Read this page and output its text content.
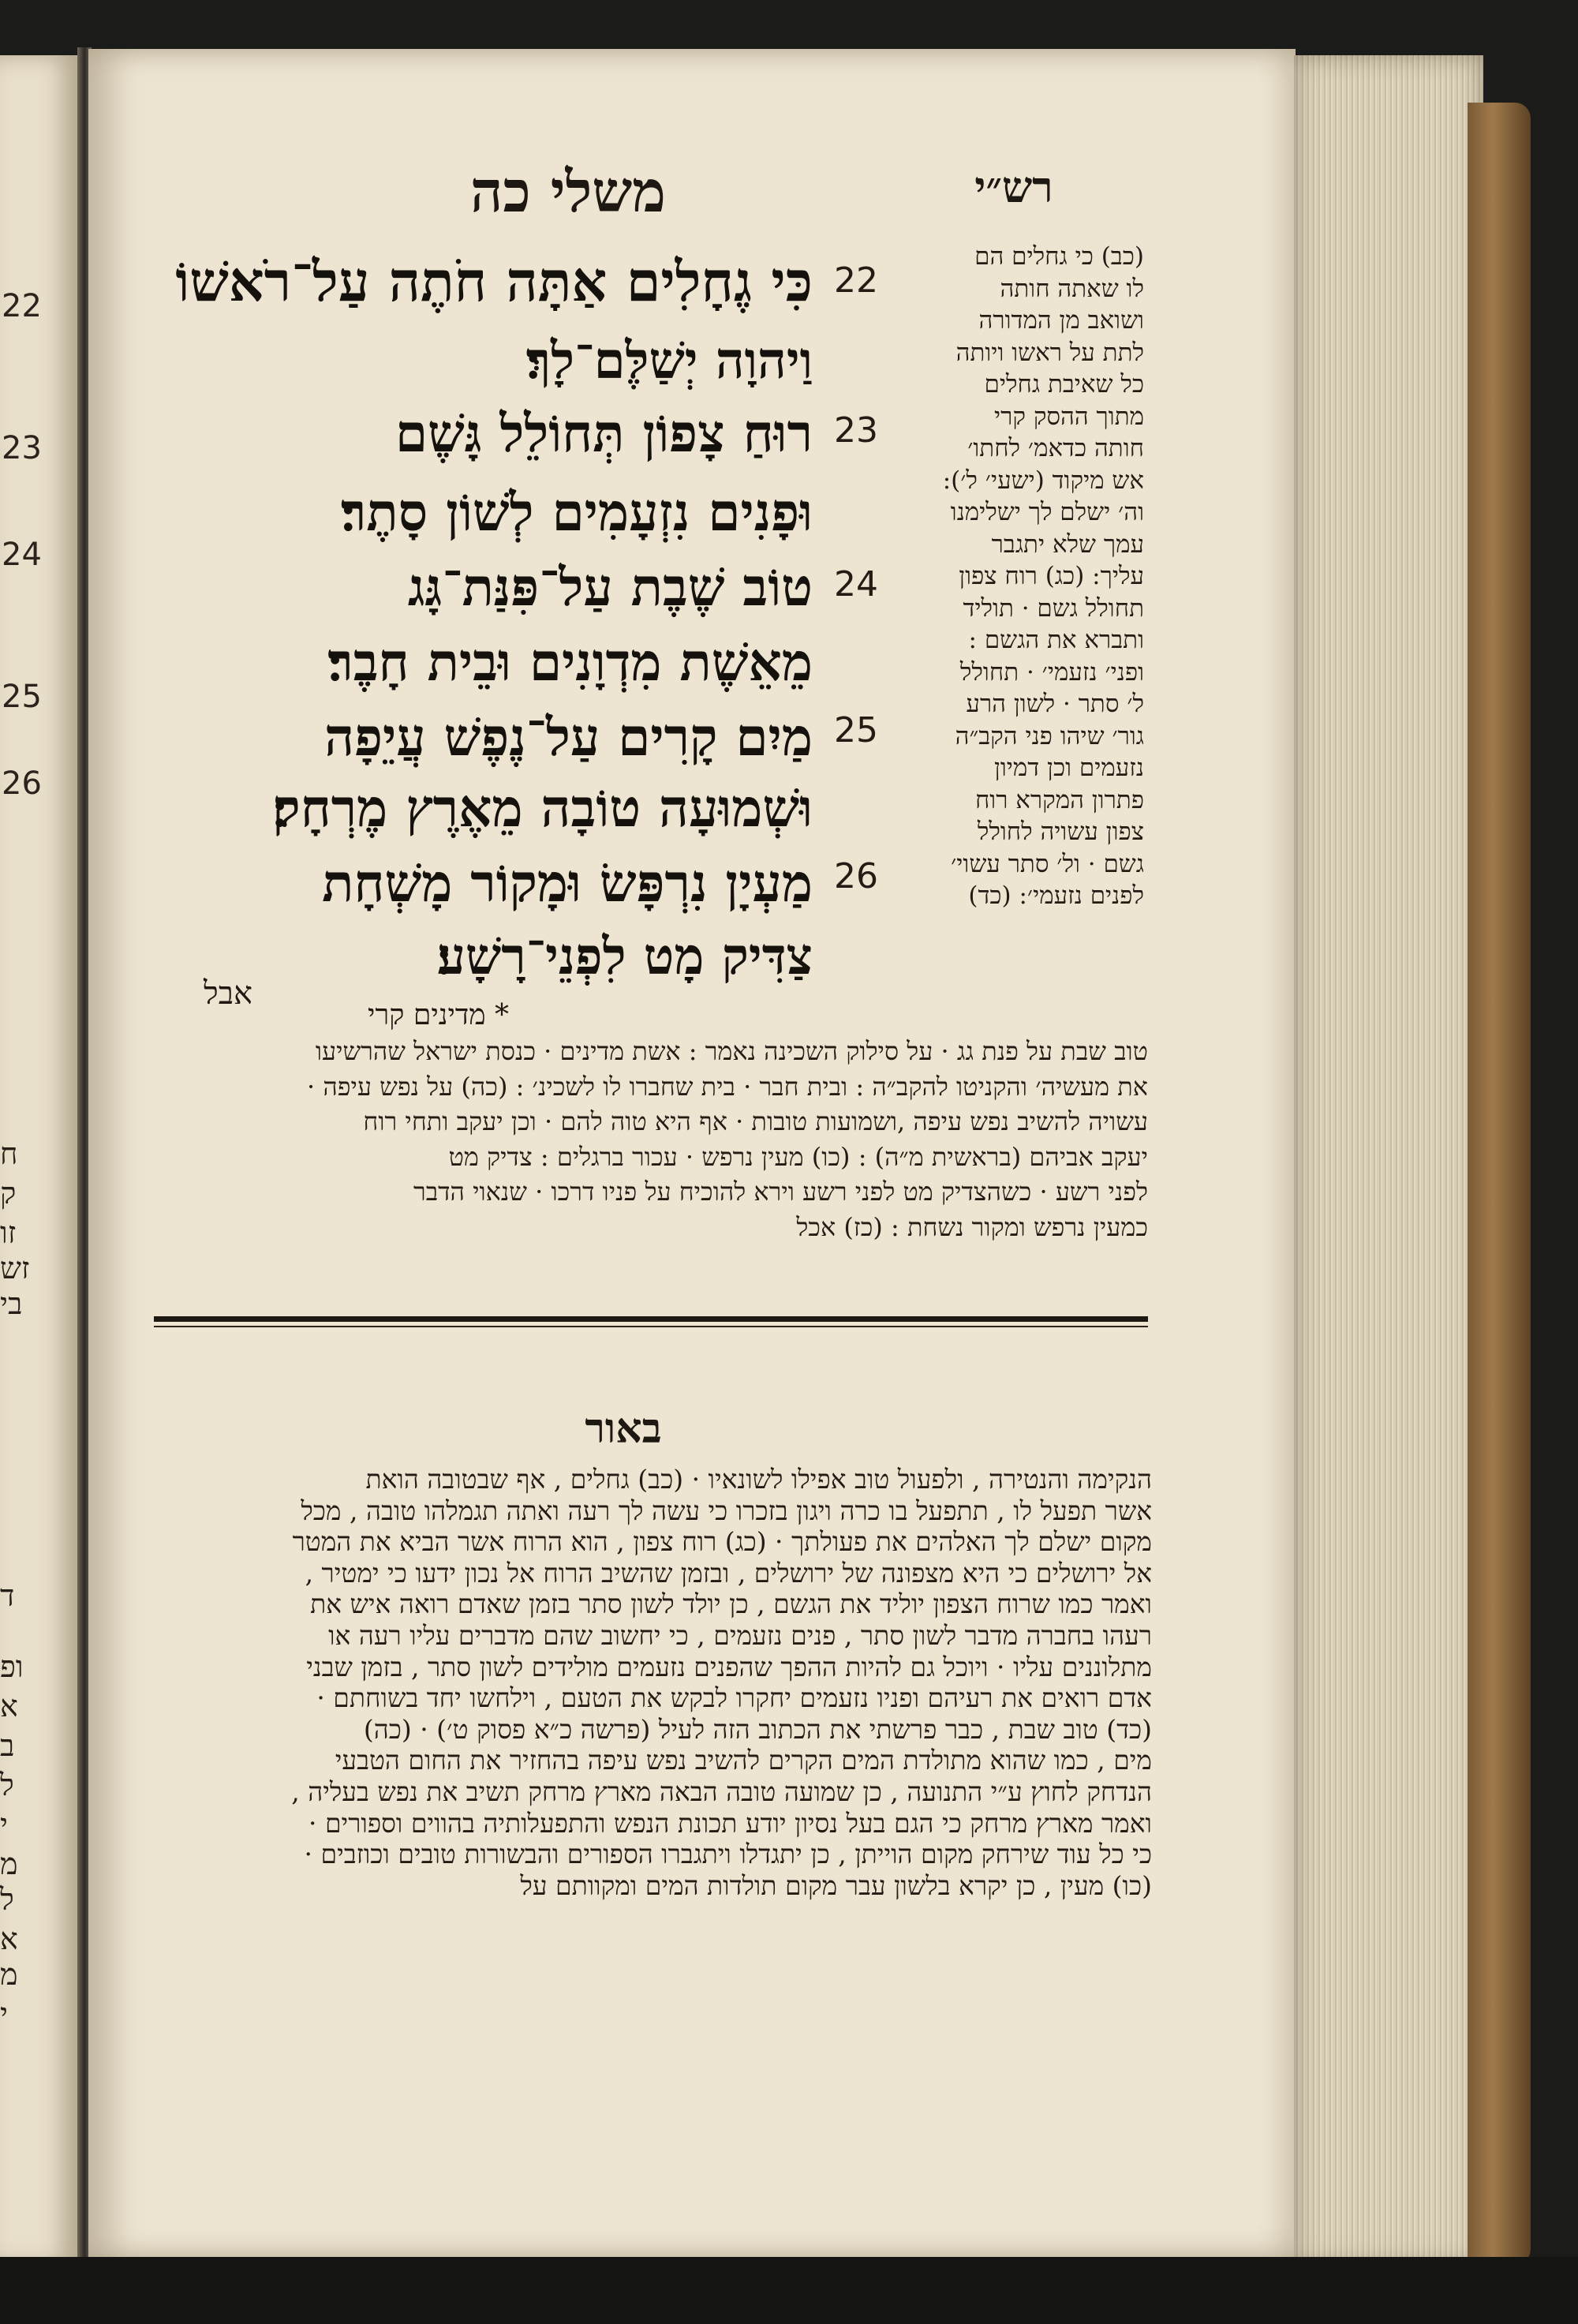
22
23
24
25
26
ח
ק
זו
זש
בי
ד
ופ
א
ב
ל
י
מ
ל
א
מ
י
משלי כה	רש״י
22
23
24
25
26
כִּי גֶחָלִים אַתָּה חֹתֶה עַל־רֹאשׁוֹ
וַיהוָה יְשַׁלֶּם־לָךְ׃
רוּחַ צָפוֹן תְּחוֹלֵל גָּשֶׁם
וּפָנִים נִזְעָמִים לְשׁוֹן סָתֶר׃
טוֹב שֶׁבֶת עַל־פִּנַּת־גָּג
מֵאֵשֶׁת מִדְוָנִים וּבֵית חָבֶר׃
מַיִם קָרִים עַל־נֶפֶשׁ עֲיֵפָה
וּשְׁמוּעָה טוֹבָה מֵאֶרֶץ מֶרְחָק׃
מַעְיָן נִרְפָּשׂ וּמָקוֹר מָשְׁחָת
צַדִּיק מָט לִפְנֵי־רָשָׁע׃
(כב) כי גחלים הם
לו שאתה חותה
ושואב מן המדורה
לתת על ראשו ויותה
כל שאיבת גחלים
מתוך ההסק קרי
חותה כדאמ׳ לחתו׳
אש מיקוד (ישעי׳ ל׳):
וה׳ ישלם לך ישלימנו
עמך שלא יתגבר
עליך: (כג) רוח צפון
תחולל גשם · תוליד
ותברא את הגשם :
ופני׳ נזעמי׳ · תחולל
ל׳ סתר · לשון הרע
גור׳ שיהו פני הקב״ה
נזעמים וכן דמיון
פתרון המקרא רוח
צפון עשויה לחולל
גשם · ול׳ סתר עשוי׳
לפנים נזעמי׳: (כד)
אבל
* מדינים קרי
טוב שבת על פנת גג · על סילוק השכינה נאמר : אשת מדינים · כנסת ישראל שהרשיעו
את מעשיה׳ והקניטו להקב״ה : ובית חבר · בית שחברו לו לשכינ׳ : (כה) על נפש עיפה ·
עשויה להשיב נפש עיפה ,ושמועות טובות · אף היא טוה להם · וכן יעקב ותחי רוח
יעקב אביהם (בראשית מ״ה) : (כו) מעין נרפש · עכור ברגלים : צדיק מט
לפני רשע · כשהצדיק מט לפני רשע וירא להוכיח על פניו דרכו · שנאוי הדבר
כמעין נרפש ומקור נשחת : (כז) אכל
באור
הנקימה והנטירה , ולפעול טוב אפילו לשונאיו · (כב) גחלים , אף שבטובה הואת
אשר תפעל לו , תתפעל בו כרה ויגון בזכרו כי עשה לך רעה ואתה תגמלהו טובה , מכל
מקום ישלם לך האלהים את פעולתך · (כג) רוח צפון , הוא הרוח אשר הביא את המטר
אל ירושלים כי היא מצפונה של ירושלים , ובזמן שהשיב הרוח אל נכון ידעו כי ימטיר ,
ואמר כמו שרוח הצפון יוליד את הגשם , כן יולד לשון סתר בזמן שאדם רואה איש את
רעהו בחברה מדבר לשון סתר , פנים נזעמים , כי יחשוב שהם מדברים עליו רעה או
מתלוננים עליו · ויוכל גם להיות ההפך שהפנים נזעמים מולידים לשון סתר , בזמן שבני
אדם רואים את רעיהם ופניו נזעמים יחקרו לבקש את הטעם , וילחשו יחד בשוחתם ·
(כד) טוב שבת , כבר פרשתי את הכתוב הזה לעיל (פרשה כ״א פסוק ט׳) · (כה)
מים , כמו שהוא מתולדת המים הקרים להשיב נפש עיפה בהחזיר את החום הטבעי
הנדחק לחוץ ע״י התנועה , כן שמועה טובה הבאה מארץ מרחק תשיב את נפש בעליה ,
ואמר מארץ מרחק כי הגם בעל נסיון יודע תכונת הנפש והתפעלותיה בהווים וספורים ·
כי כל עוד שירחק מקום הוייתן , כן יתגדלו ויתגברו הספורים והבשורות טובים וכוזבים ·
(כו) מעין , כן יקרא בלשון עבר מקום תולדות המים ומקוותם על
